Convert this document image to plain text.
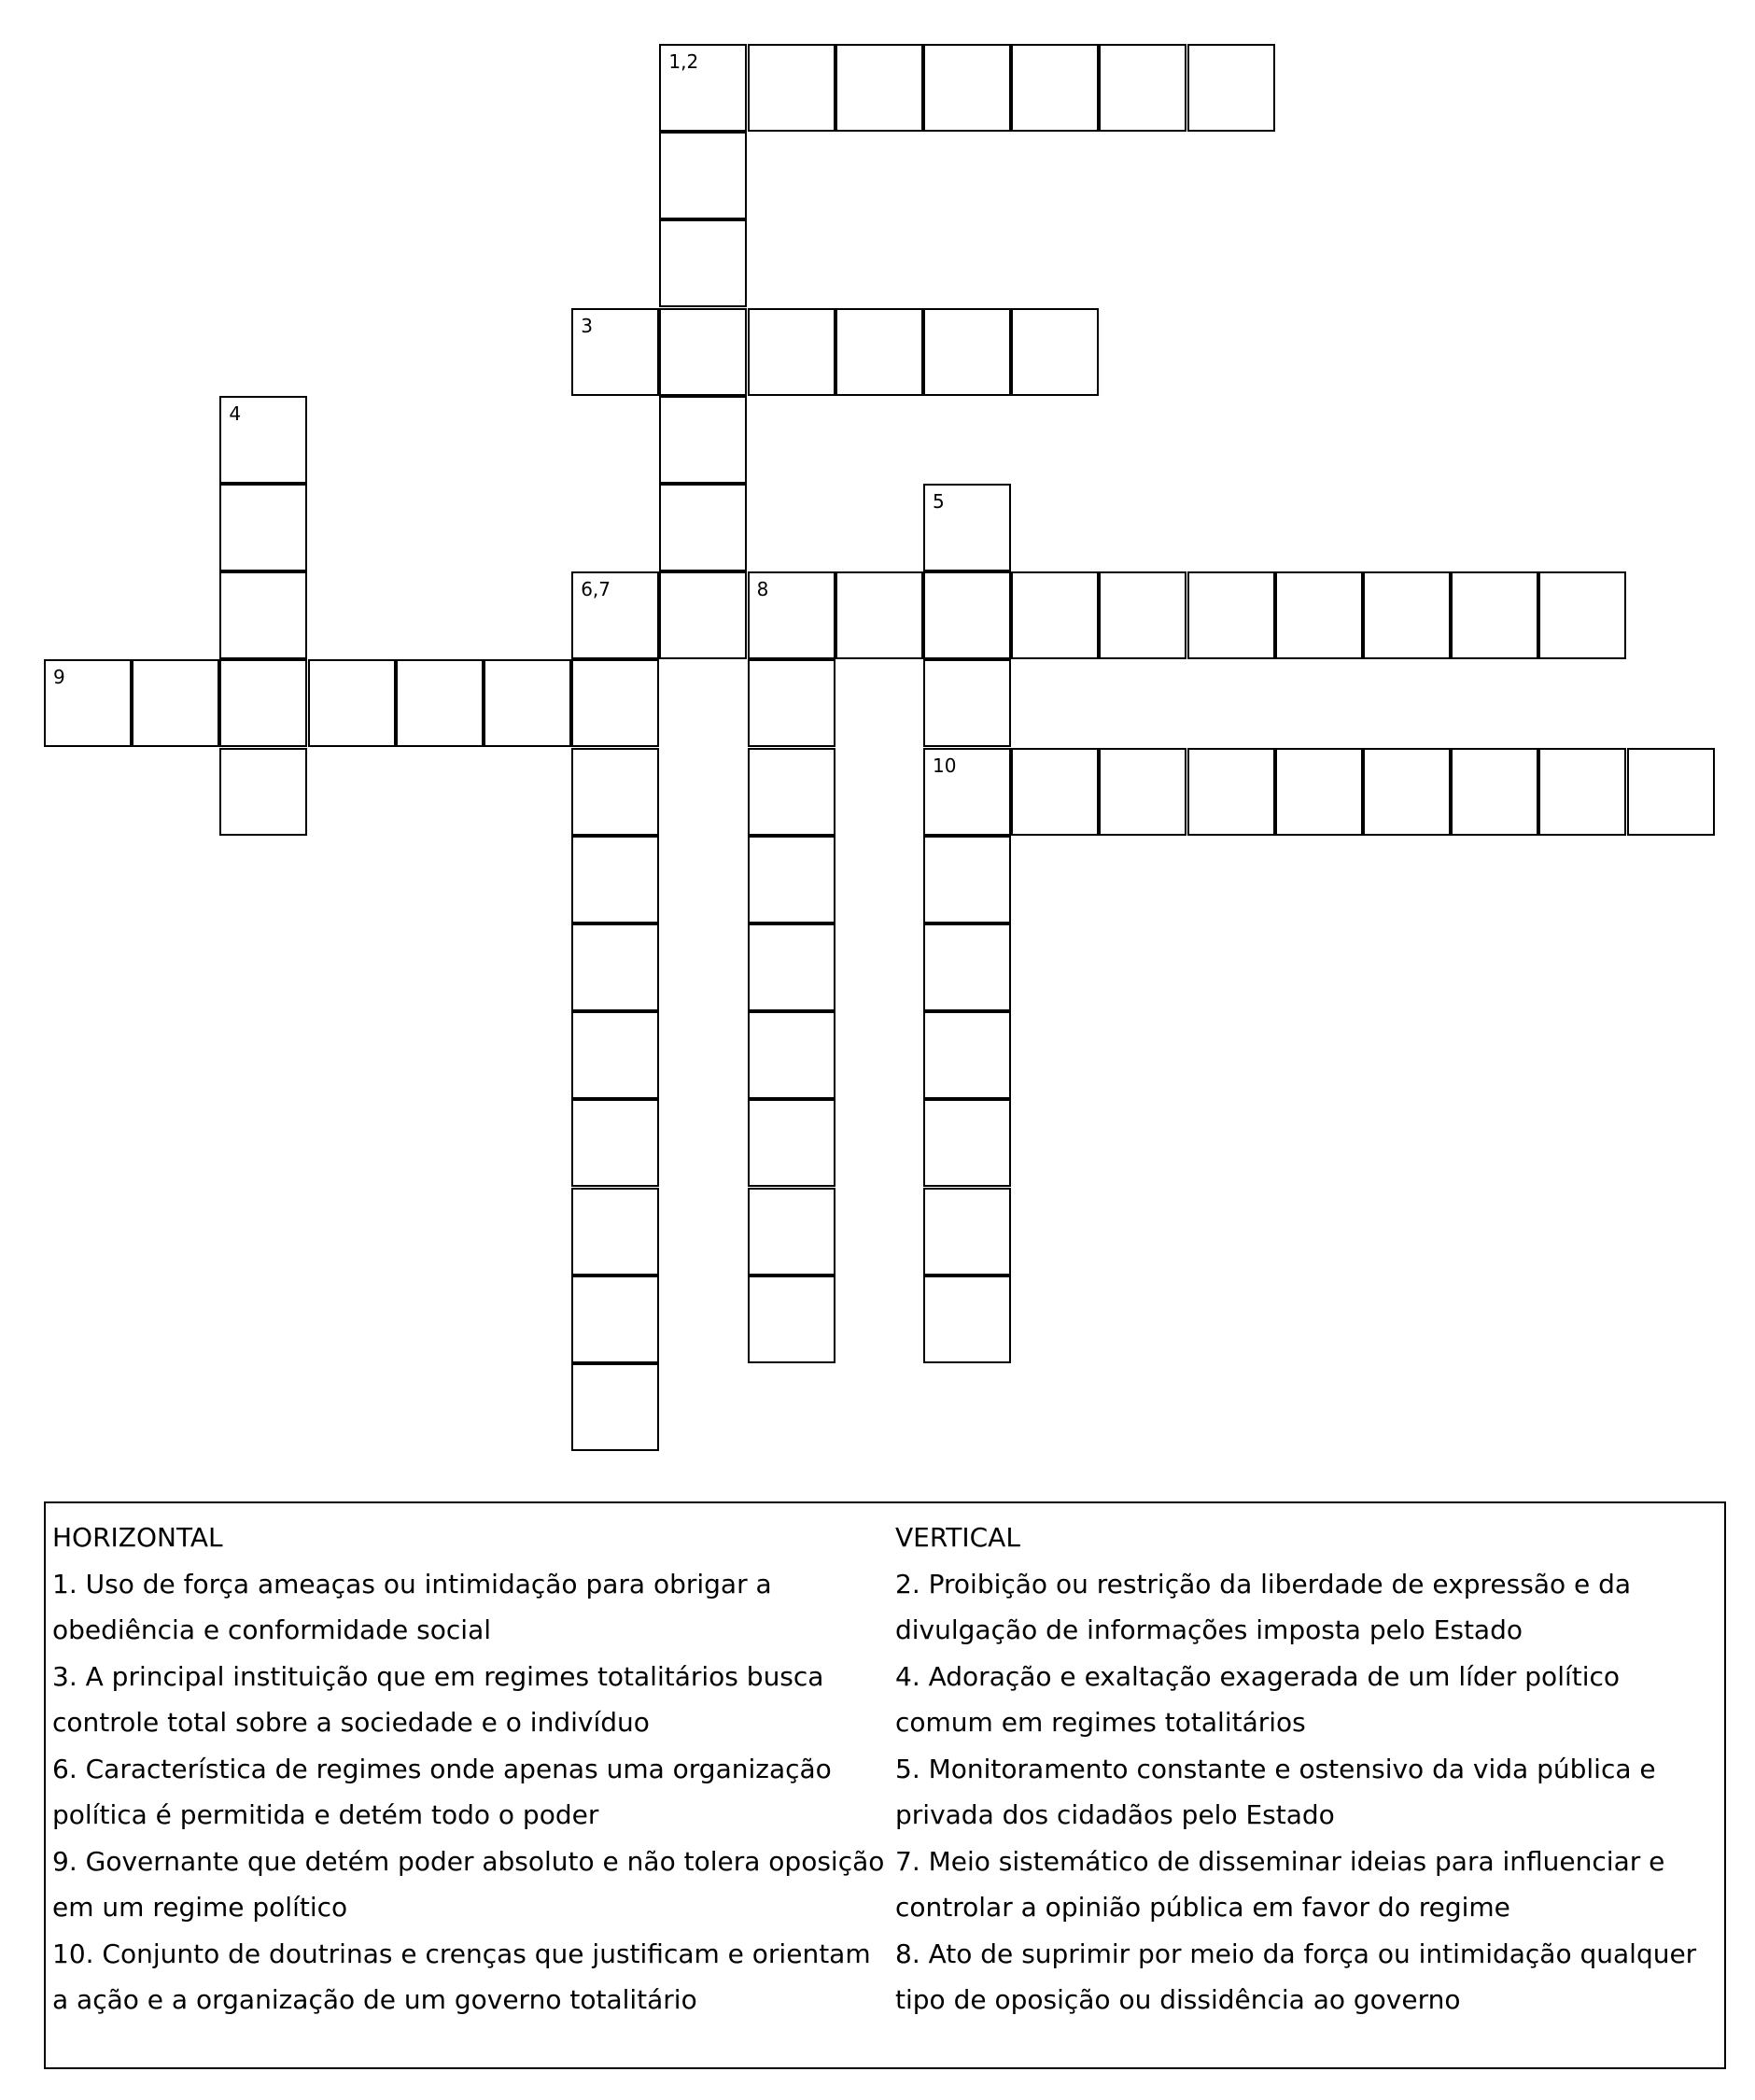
1,2
3
4
5
6,7	8
9
10
HORIZONTAL
1. Uso de força ameaças ou intimidação para obrigar a obediência e conformidade social
3. A principal instituição que em regimes totalitários busca controle total sobre a sociedade e o indivíduo
6. Característica de regimes onde apenas uma organização política é permitida e detém todo o poder
9. Governante que detém poder absoluto e não tolera oposição em um regime político
10. Conjunto de doutrinas e crenças que justificam e orientam a ação e a organização de um governo totalitário
VERTICAL
2. Proibição ou restrição da liberdade de expressão e da divulgação de informações imposta pelo Estado
4. Adoração e exaltação exagerada de um líder político comum em regimes totalitários
5. Monitoramento constante e ostensivo da vida pública e privada dos cidadãos pelo Estado
7. Meio sistemático de disseminar ideias para influenciar e controlar a opinião pública em favor do regime
8. Ato de suprimir por meio da força ou intimidação qualquer tipo de oposição ou dissidência ao governo
